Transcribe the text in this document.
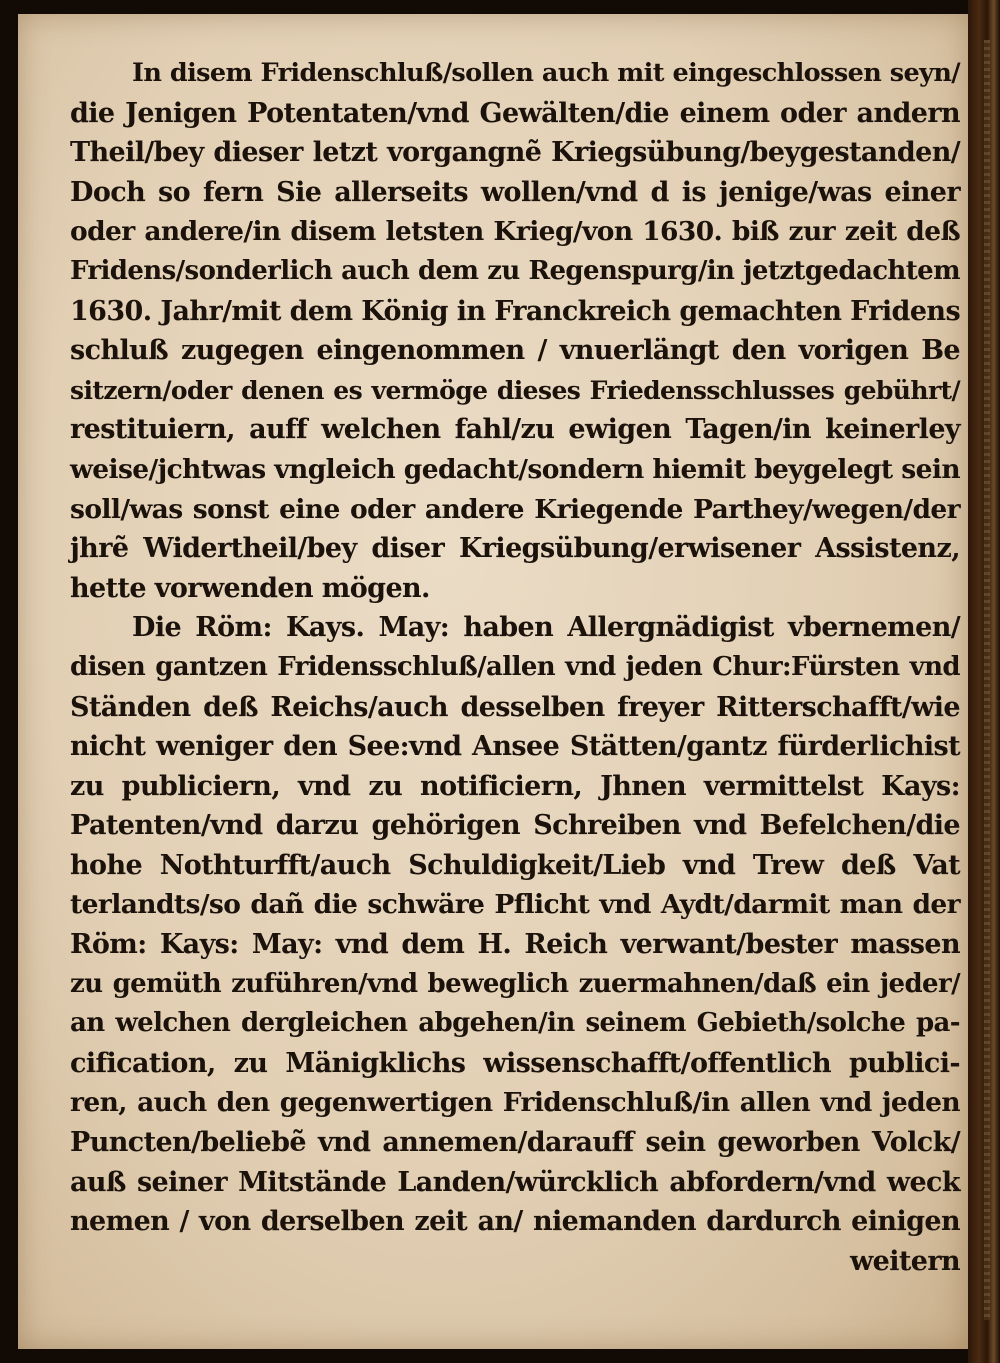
In disem Fridenschluß/sollen auch mit eingeschlossen seyn/
die Jenigen Potentaten/vnd Gewälten/die einem oder andern
Theil/bey dieser letzt vorgangnẽ Kriegsübung/beygestanden/
Doch so fern Sie allerseits wollen/vnd d is jenige/was einer
oder andere/in disem letsten Krieg/von 1630. biß zur zeit deß
Fridens/sonderlich auch dem zu Regenspurg/in jetztgedachtem
1630. Jahr/mit dem König in Franckreich gemachten Fridens
schluß zugegen eingenommen / vnuerlängt den vorigen Be
sitzern/oder denen es vermöge dieses Friedensschlusses gebührt/
restituiern, auff welchen fahl/zu ewigen Tagen/in keinerley
weise/jchtwas vngleich gedacht/sondern hiemit beygelegt sein
soll/was sonst eine oder andere Kriegende Parthey/wegen/der
jhrẽ Widertheil/bey diser Kriegsübung/erwisener Assistenz,
hette vorwenden mögen.
Die Röm: Kays. May: haben Allergnädigist vbernemen/
disen gantzen Fridensschluß/allen vnd jeden Chur:Fürsten vnd
Ständen deß Reichs/auch desselben freyer Ritterschafft/wie
nicht weniger den See:vnd Ansee Stätten/gantz fürderlichist
zu publiciern, vnd zu notificiern, Jhnen vermittelst Kays:
Patenten/vnd darzu gehörigen Schreiben vnd Befelchen/die
hohe Nothturfft/auch Schuldigkeit/Lieb vnd Trew deß Vat
terlandts/so dañ die schwäre Pflicht vnd Aydt/darmit man der
Röm: Kays: May: vnd dem H. Reich verwant/bester massen
zu gemüth zuführen/vnd beweglich zuermahnen/daß ein jeder/
an welchen dergleichen abgehen/in seinem Gebieth/solche pa-
cification, zu Mänigklichs wissenschafft/offentlich publici-
ren, auch den gegenwertigen Fridenschluß/in allen vnd jeden
Puncten/beliebẽ vnd annemen/darauff sein geworben Volck/
auß seiner Mitstände Landen/würcklich abfordern/vnd weck
nemen / von derselben zeit an/ niemanden dardurch einigen
weitern
